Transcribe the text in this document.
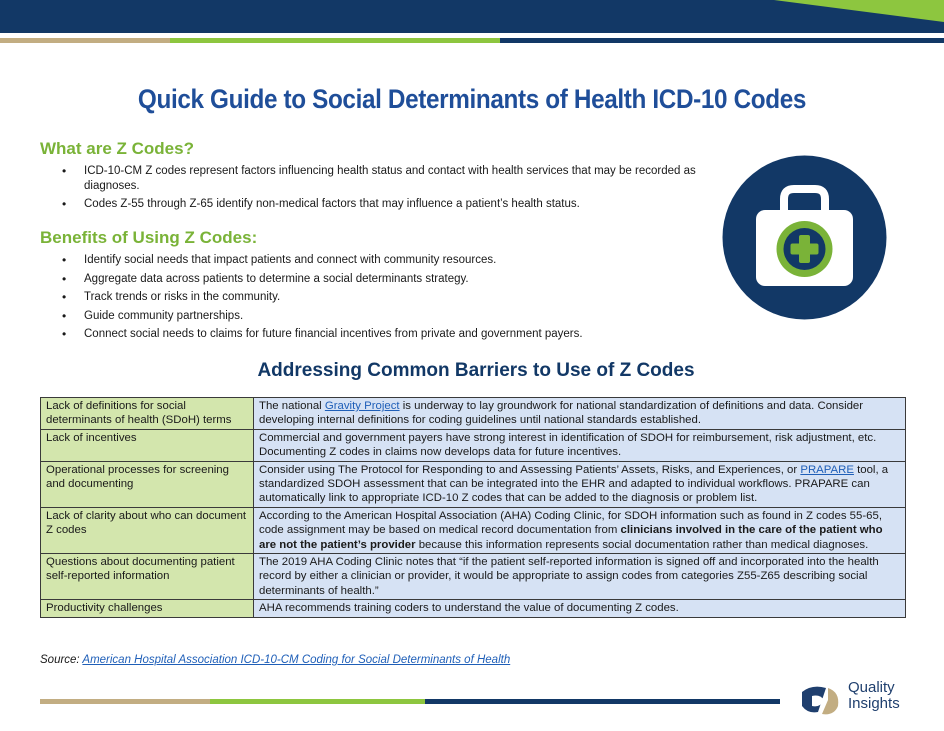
Quick Guide to Social Determinants of Health ICD-10 Codes
What are Z Codes?
• ICD-10-CM Z codes represent factors influencing health status and contact with health services that may be recorded as diagnoses.
• Codes Z-55 through Z-65 identify non-medical factors that may influence a patient’s health status.
Benefits of Using Z Codes:
• Identify social needs that impact patients and connect with community resources.
• Aggregate data across patients to determine a social determinants strategy.
• Track trends or risks in the community.
• Guide community partnerships.
• Connect social needs to claims for future financial incentives from private and government payers.
Addressing Common Barriers to Use of Z Codes
Lack of definitions for social determinants of health (SDoH) terms	The national Gravity Project is underway to lay groundwork for national standardization of definitions and data. Consider developing internal definitions for coding guidelines until national standards established.
Lack of incentives	Commercial and government payers have strong interest in identification of SDOH for reimbursement, risk adjustment, etc. Documenting Z codes in claims now develops data for future incentives.
Operational processes for screening and documenting	Consider using The Protocol for Responding to and Assessing Patients’ Assets, Risks, and Experiences, or PRAPARE tool, a standardized SDOH assessment that can be integrated into the EHR and adapted to individual workflows. PRAPARE can automatically link to appropriate ICD-10 Z codes that can be added to the diagnosis or problem list.
Lack of clarity about who can document Z codes	According to the American Hospital Association (AHA) Coding Clinic, for SDOH information such as found in Z codes 55-65, code assignment may be based on medical record documentation from clinicians involved in the care of the patient who are not the patient’s provider because this information represents social documentation rather than medical diagnoses.
Questions about documenting patient self-reported information	The 2019 AHA Coding Clinic notes that “if the patient self-reported information is signed off and incorporated into the health record by either a clinician or provider, it would be appropriate to assign codes from categories Z55-Z65 describing social determinants of health.”
Productivity challenges	AHA recommends training coders to understand the value of documenting Z codes.
Source: American Hospital Association ICD-10-CM Coding for Social Determinants of Health
Quality
Insights
